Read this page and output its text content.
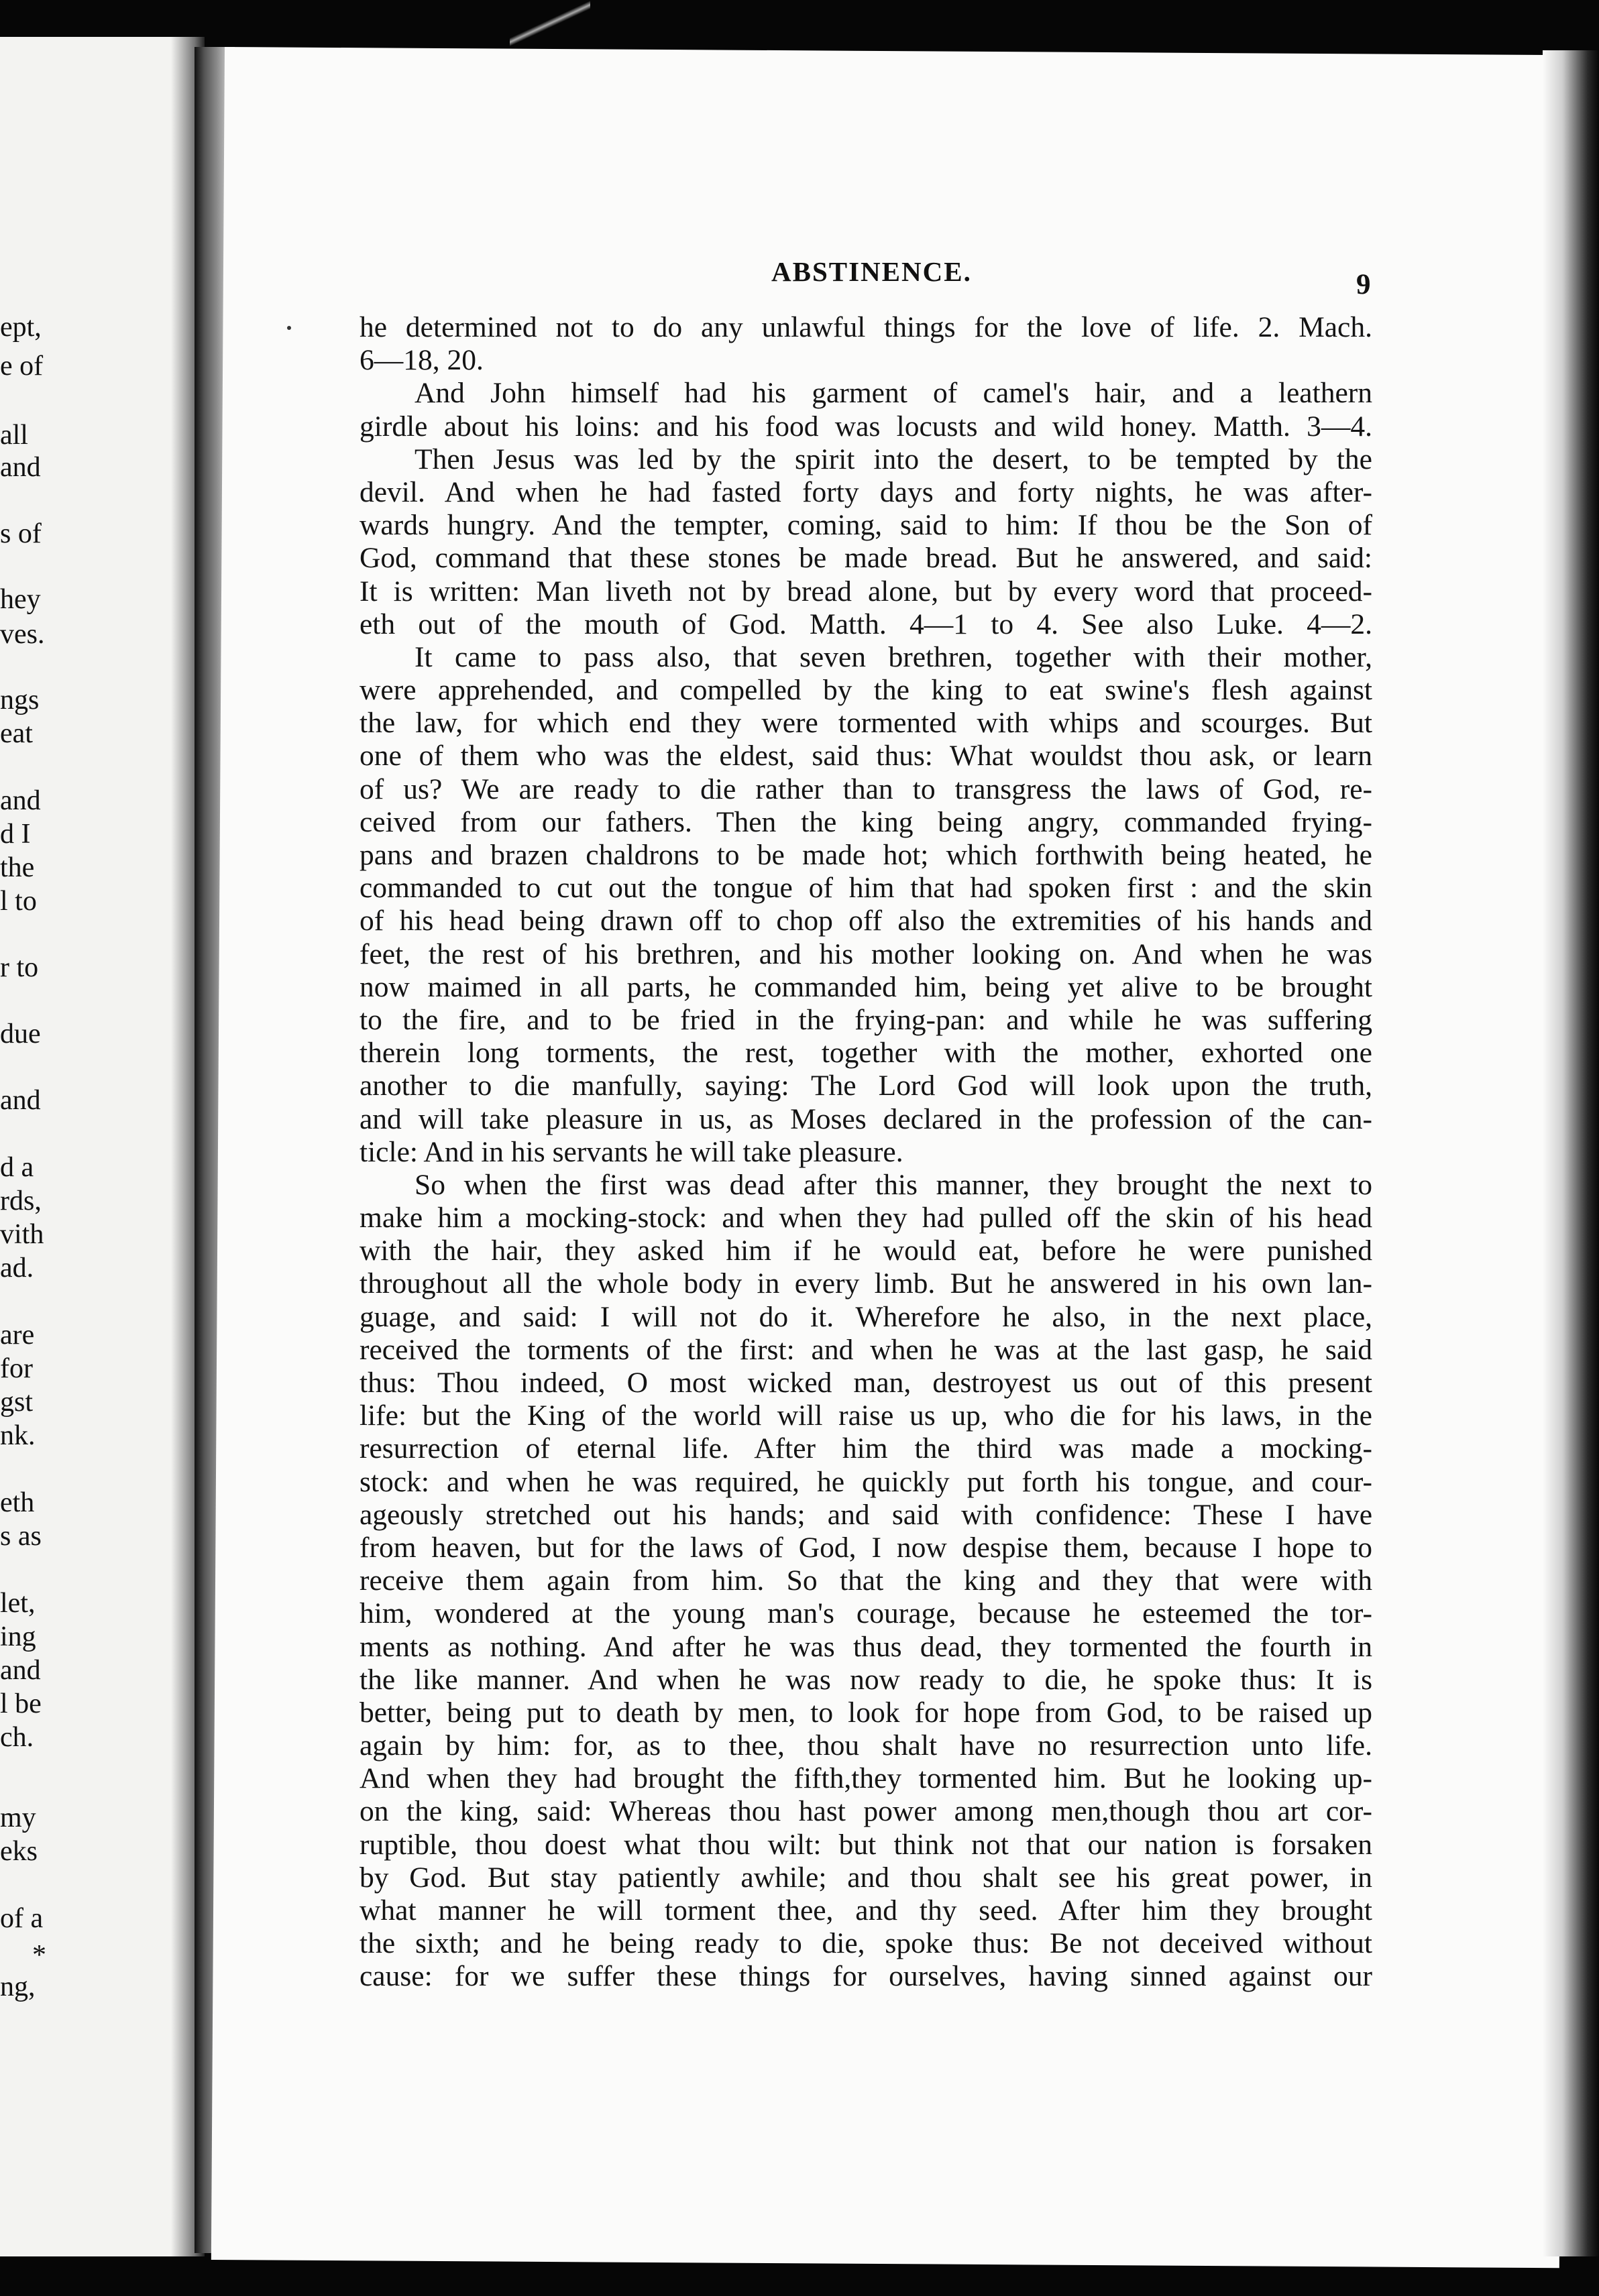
ept,
e of
all
and
s of
hey
ves.
ngs
eat
and
d I
the
l to
r to
due
and
d a
rds,
vith
ad.
are
for
gst
nk.
eth
s as
let,
ing
and
l be
ch.
my
eks
of a
*
ng,
ABSTINENCE.	9
he determined not to do any unlawful things for the love of life. 2. Mach.
6—18, 20.
And John himself had his garment of camel's hair, and a leathern
girdle about his loins: and his food was locusts and wild honey. Matth. 3—4.
Then Jesus was led by the spirit into the desert, to be tempted by the
devil. And when he had fasted forty days and forty nights, he was after-
wards hungry. And the tempter, coming, said to him: If thou be the Son of
God, command that these stones be made bread. But he answered, and said:
It is written: Man liveth not by bread alone, but by every word that proceed-
eth out of the mouth of God. Matth. 4—1 to 4. See also Luke. 4—2.
It came to pass also, that seven brethren, together with their mother,
were apprehended, and compelled by the king to eat swine's flesh against
the law, for which end they were tormented with whips and scourges. But
one of them who was the eldest, said thus: What wouldst thou ask, or learn
of us? We are ready to die rather than to transgress the laws of God, re-
ceived from our fathers. Then the king being angry, commanded frying-
pans and brazen chaldrons to be made hot; which forthwith being heated, he
commanded to cut out the tongue of him that had spoken first : and the skin
of his head being drawn off to chop off also the extremities of his hands and
feet, the rest of his brethren, and his mother looking on. And when he was
now maimed in all parts, he commanded him, being yet alive to be brought
to the fire, and to be fried in the frying-pan: and while he was suffering
therein long torments, the rest, together with the mother, exhorted one
another to die manfully, saying: The Lord God will look upon the truth,
and will take pleasure in us, as Moses declared in the profession of the can-
ticle: And in his servants he will take pleasure.
So when the first was dead after this manner, they brought the next to
make him a mocking-stock: and when they had pulled off the skin of his head
with the hair, they asked him if he would eat, before he were punished
throughout all the whole body in every limb. But he answered in his own lan-
guage, and said: I will not do it. Wherefore he also, in the next place,
received the torments of the first: and when he was at the last gasp, he said
thus: Thou indeed, O most wicked man, destroyest us out of this present
life: but the King of the world will raise us up, who die for his laws, in the
resurrection of eternal life. After him the third was made a mocking-
stock: and when he was required, he quickly put forth his tongue, and cour-
ageously stretched out his hands; and said with confidence: These I have
from heaven, but for the laws of God, I now despise them, because I hope to
receive them again from him. So that the king and they that were with
him, wondered at the young man's courage, because he esteemed the tor-
ments as nothing. And after he was thus dead, they tormented the fourth in
the like manner. And when he was now ready to die, he spoke thus: It is
better, being put to death by men, to look for hope from God, to be raised up
again by him: for, as to thee, thou shalt have no resurrection unto life.
And when they had brought the fifth,they tormented him. But he looking up-
on the king, said: Whereas thou hast power among men,though thou art cor-
ruptible, thou doest what thou wilt: but think not that our nation is forsaken
by God. But stay patiently awhile; and thou shalt see his great power, in
what manner he will torment thee, and thy seed. After him they brought
the sixth; and he being ready to die, spoke thus: Be not deceived without
cause: for we suffer these things for ourselves, having sinned against our
